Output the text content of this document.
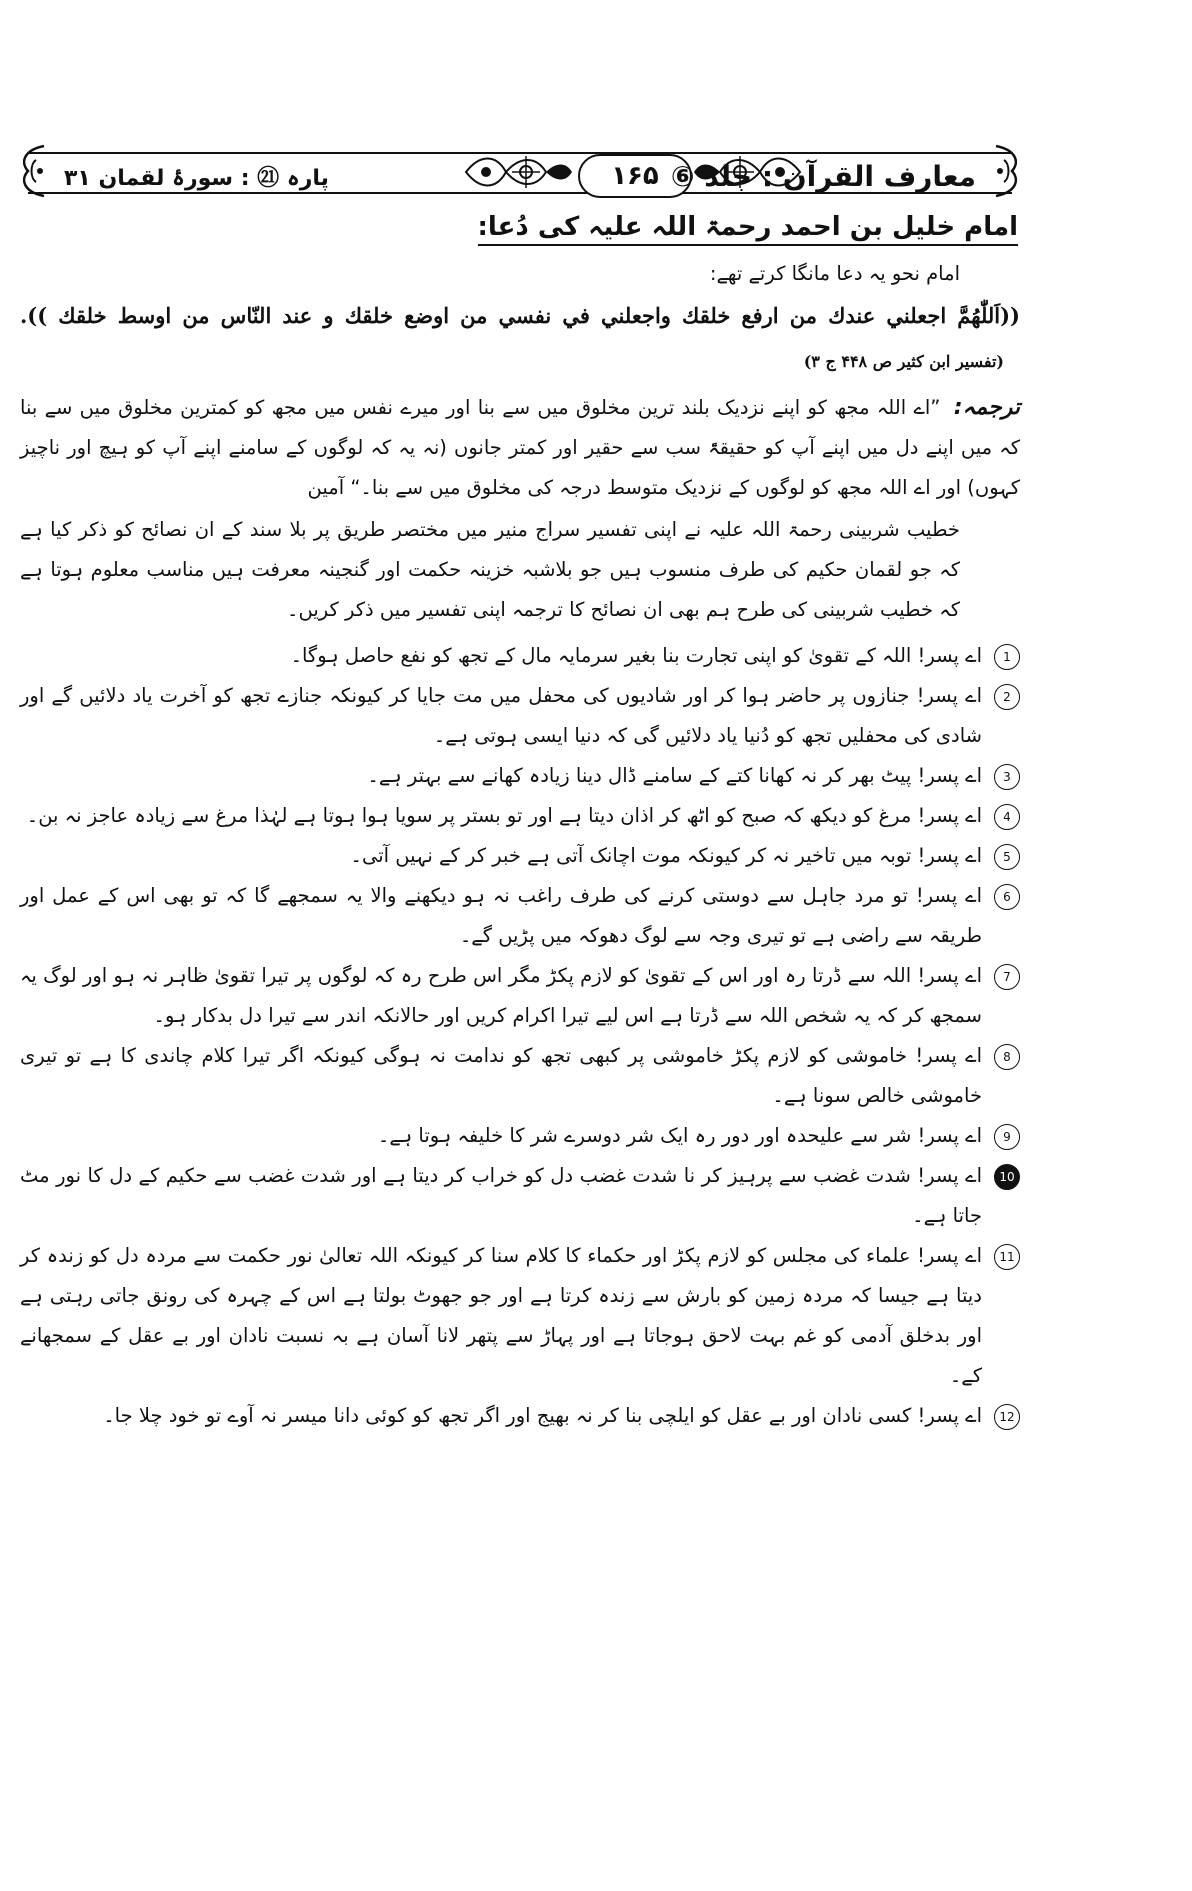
۱۶۵ معارف القرآن : جلد ⑥
پارہ ㉑ : سورۂ لقمان ۳۱
امام خلیل بن احمد رحمۃ اللہ علیہ کی دُعا:
امام نحو یہ دعا مانگا کرتے تھے:
((اَللّٰهُمَّ اجعلني عندك من ارفع خلقك واجعلني في نفسي من اوضع خلقك و عند النّاس من اوسط خلقك )). (تفسیر ابن کثیر ص ۴۴۸ ج ۳)
ترجمہ: ”اے اللہ مجھ کو اپنے نزدیک بلند ترین مخلوق میں سے بنا اور میرے نفس میں مجھ کو کمترین مخلوق میں سے بنا کہ میں اپنے دل میں اپنے آپ کو حقیقۃً سب سے حقیر اور کمتر جانوں (نہ یہ کہ لوگوں کے سامنے اپنے آپ کو ہیچ اور ناچیز کہوں) اور اے اللہ مجھ کو لوگوں کے نزدیک متوسط درجہ کی مخلوق میں سے بنا۔“ آمین
خطیب شربینی رحمۃ اللہ علیہ نے اپنی تفسیر سراج منیر میں مختصر طریق پر بلا سند کے ان نصائح کو ذکر کیا ہے کہ جو لقمان حکیم کی طرف منسوب ہیں جو بلاشبہ خزینہ حکمت اور گنجینہ معرفت ہیں مناسب معلوم ہوتا ہے کہ خطیب شربینی کی طرح ہم بھی ان نصائح کا ترجمہ اپنی تفسیر میں ذکر کریں۔
1
اے پسر! اللہ کے تقویٰ کو اپنی تجارت بنا بغیر سرمایہ مال کے تجھ کو نفع حاصل ہوگا۔
2
اے پسر! جنازوں پر حاضر ہوا کر اور شادیوں کی محفل میں مت جایا کر کیونکہ جنازے تجھ کو آخرت یاد دلائیں گے اور شادی کی محفلیں تجھ کو دُنیا یاد دلائیں گی کہ دنیا ایسی ہوتی ہے۔
3
اے پسر! پیٹ بھر کر نہ کھانا کتے کے سامنے ڈال دینا زیادہ کھانے سے بہتر ہے۔
4
اے پسر! مرغ کو دیکھ کہ صبح کو اٹھ کر اذان دیتا ہے اور تو بستر پر سویا ہوا ہوتا ہے لہٰذا مرغ سے زیادہ عاجز نہ بن۔
5
اے پسر! توبہ میں تاخیر نہ کر کیونکہ موت اچانک آتی ہے خبر کر کے نہیں آتی۔
6
اے پسر! تو مرد جاہل سے دوستی کرنے کی طرف راغب نہ ہو دیکھنے والا یہ سمجھے گا کہ تو بھی اس کے عمل اور طریقہ سے راضی ہے تو تیری وجہ سے لوگ دھوکہ میں پڑیں گے۔
7
اے پسر! اللہ سے ڈرتا رہ اور اس کے تقویٰ کو لازم پکڑ مگر اس طرح رہ کہ لوگوں پر تیرا تقویٰ ظاہر نہ ہو اور لوگ یہ سمجھ کر کہ یہ شخص اللہ سے ڈرتا ہے اس لیے تیرا اکرام کریں اور حالانکہ اندر سے تیرا دل بدکار ہو۔
8
اے پسر! خاموشی کو لازم پکڑ خاموشی پر کبھی تجھ کو ندامت نہ ہوگی کیونکہ اگر تیرا کلام چاندی کا ہے تو تیری خاموشی خالص سونا ہے۔
9
اے پسر! شر سے علیحدہ اور دور رہ ایک شر دوسرے شر کا خلیفہ ہوتا ہے۔
10
اے پسر! شدت غضب سے پرہیز کر نا شدت غضب دل کو خراب کر دیتا ہے اور شدت غضب سے حکیم کے دل کا نور مٹ جاتا ہے۔
11
اے پسر! علماء کی مجلس کو لازم پکڑ اور حکماء کا کلام سنا کر کیونکہ اللہ تعالیٰ نور حکمت سے مردہ دل کو زندہ کر دیتا ہے جیسا کہ مردہ زمین کو بارش سے زندہ کرتا ہے اور جو جھوٹ بولتا ہے اس کے چہرہ کی رونق جاتی رہتی ہے اور بدخلق آدمی کو غم بہت لاحق ہوجاتا ہے اور پہاڑ سے پتھر لانا آسان ہے بہ نسبت نادان اور بے عقل کے سمجھانے کے۔
12
اے پسر! کسی نادان اور بے عقل کو ایلچی بنا کر نہ بھیج اور اگر تجھ کو کوئی دانا میسر نہ آوے تو خود چلا جا۔
